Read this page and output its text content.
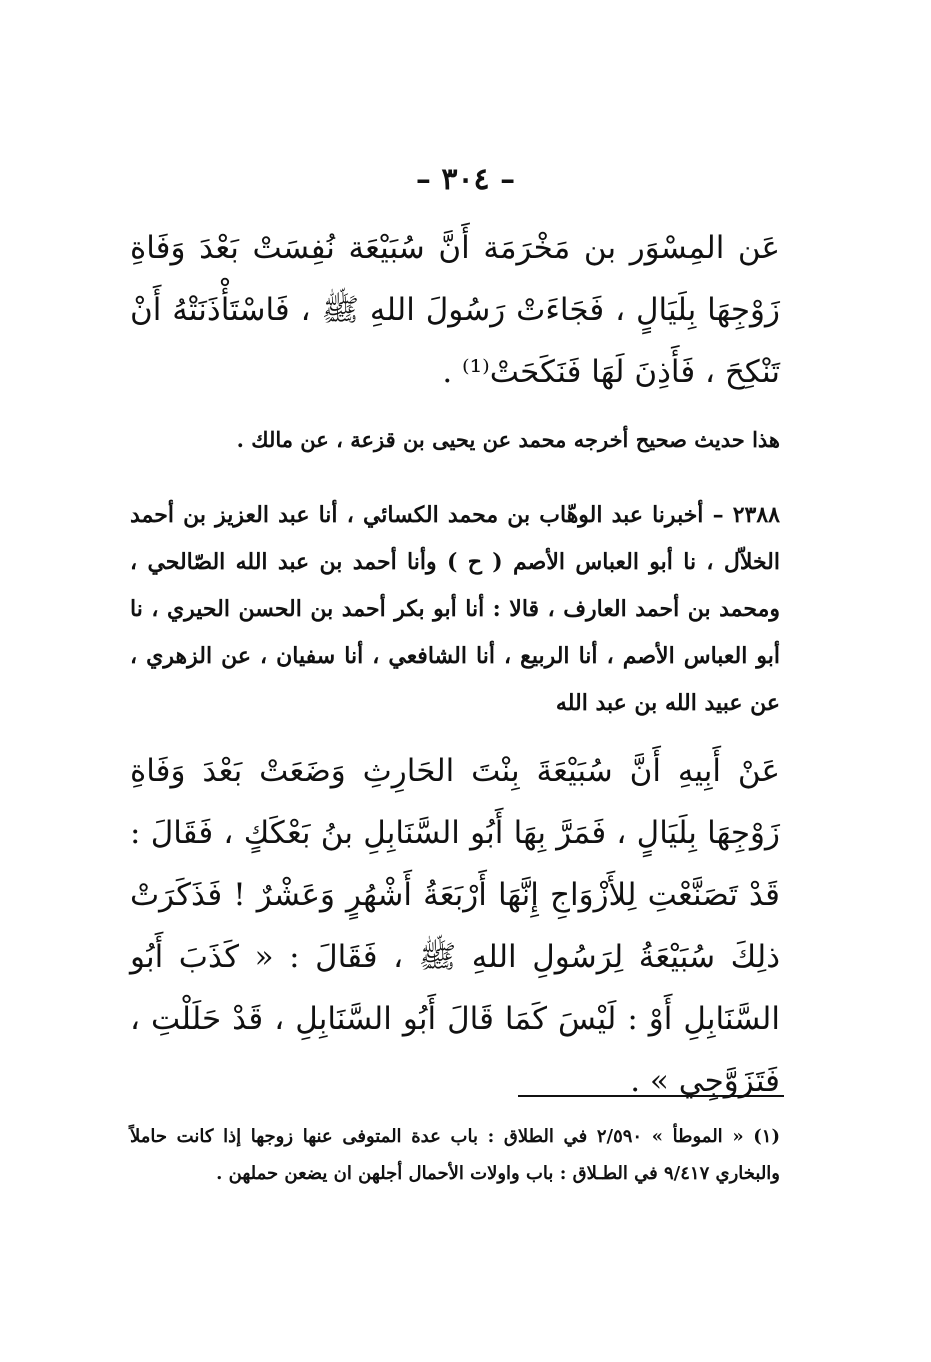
– ٣٠٤ –

عَن المِسْوَر بن مَخْرَمَة أَنَّ سُبَيْعَة نُفِسَتْ بَعْدَ وَفَاةِ زَوْجِهَا بِلَيَالٍ ، فَجَاءَتْ رَسُولَ اللهِ ﷺ ، فَاسْتَأْذَنَتْهُ أَنْ تَنْكِحَ ، فَأَذِنَ لَهَا فَنَكَحَتْ⁽¹⁾ .

هذا حديث صحيح أخرجه محمد عن يحيى بن قزعة ، عن مالك .

٢٣٨٨ – أخبرنا عبد الوهّاب بن محمد الكسائي ، أنا عبد العزيز بن أحمد الخلاّل ، نا أبو العباس الأصم ( ح ) وأنا أحمد بن عبد الله الصّالحي ، ومحمد بن أحمد العارف ، قالا : أنا أبو بكر أحمد بن الحسن الحيري ، نا أبو العباس الأصم ، أنا الربيع ، أنا الشافعي ، أنا سفيان ، عن الزهري ، عن عبيد الله بن عبد الله

عَنْ أَبِيهِ أَنَّ سُبَيْعَةَ بِنْتَ الحَارِثِ وَضَعَتْ بَعْدَ وَفَاةِ زَوْجِهَا بِلَيَالٍ ، فَمَرَّ بِهَا أَبُو السَّنَابِلِ بنُ بَعْكَكٍ ، فَقَالَ : قَدْ تَصَنَّعْتِ لِلأَزْوَاجِ إِنَّهَا أَرْبَعَةُ أَشْهُرٍ وَعَشْرٌ ! فَذَكَرَتْ ذلِكَ سُبَيْعَةُ لِرَسُولِ اللهِ ﷺ ، فَقَالَ : « كَذَبَ أَبُو السَّنَابِلِ أَوْ : لَيْسَ كَمَا قَالَ أَبُو السَّنَابِلِ ، قَدْ حَلَلْتِ ، فَتَزَوَّجِي » .

(١) « الموطأ » ٢/٥٩٠ في الطلاق : باب عدة المتوفى عنها زوجها إذا كانت حاملاً والبخاري ٩/٤١٧ في الطـلاق : باب واولات الأحمال أجلهن ان يضعن حملهن .
